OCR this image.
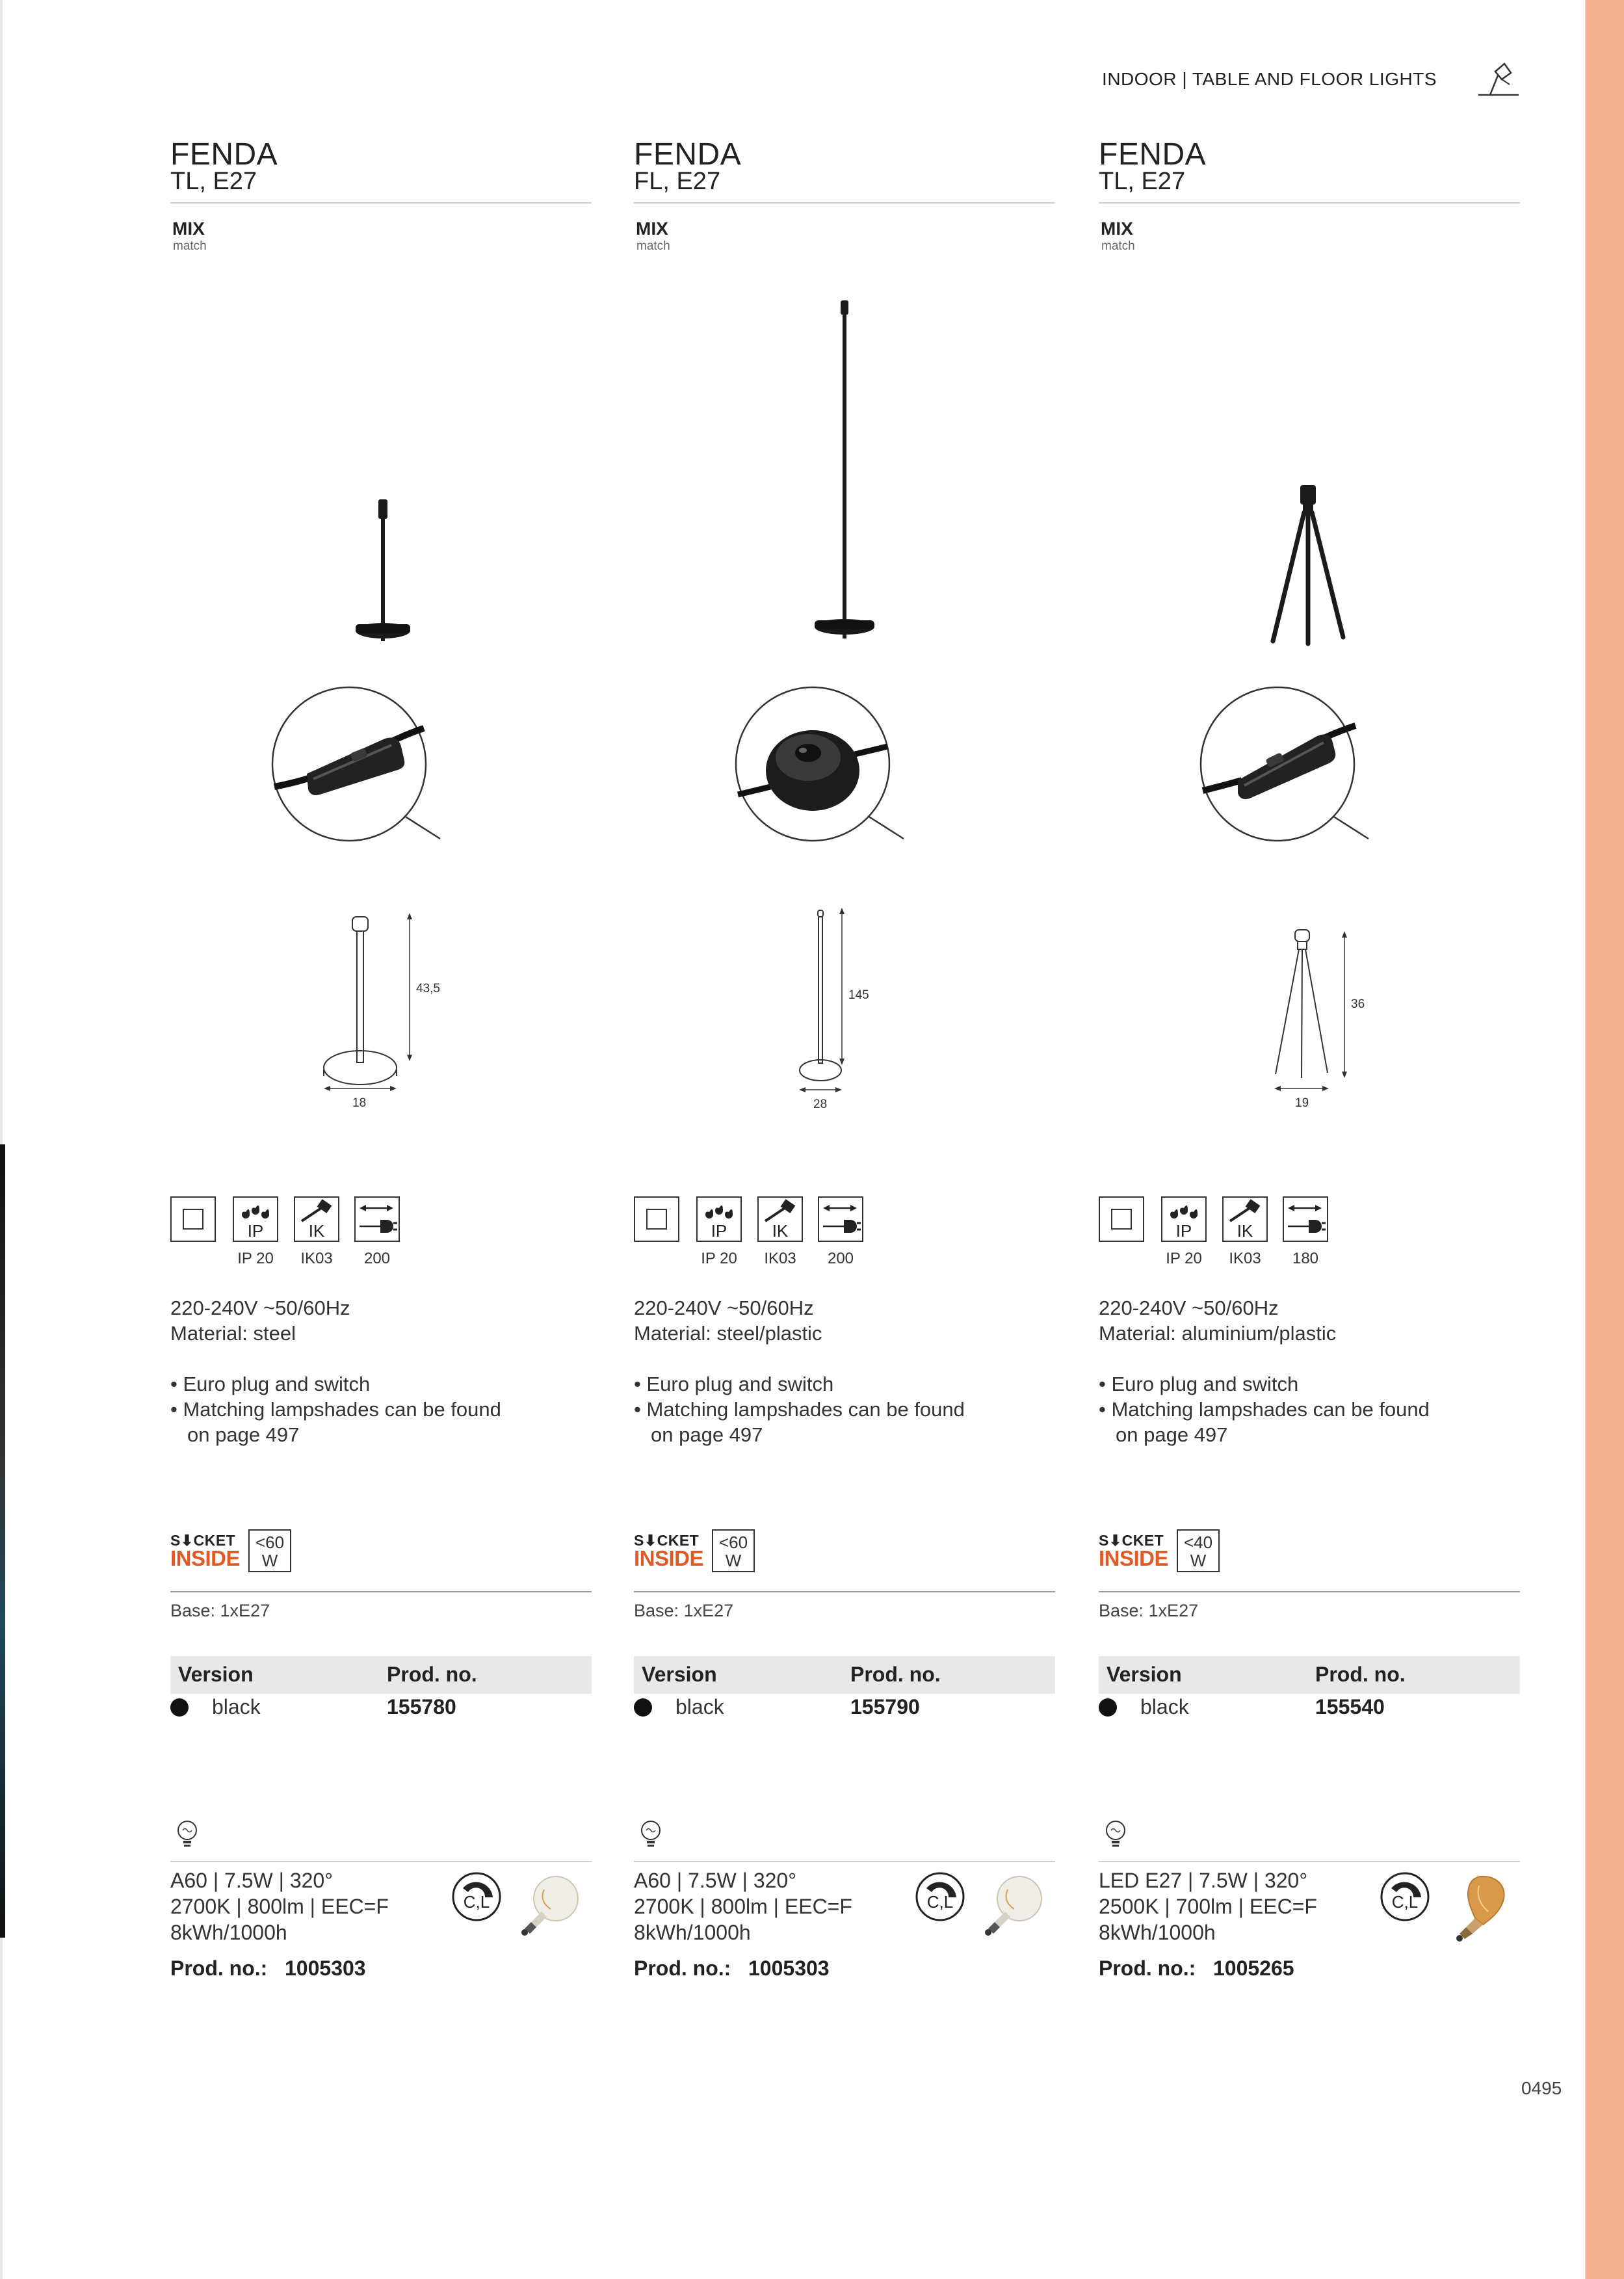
INDOOR | TABLE AND FLOOR LIGHTS
0495
FENDA
TL, E27
MIX
match
43,5
18
IP	IK
IP 20	IK03	200
220-240V ~50/60Hz
Material: steel
• Euro plug and switch
• Matching lampshades can be found
on page 497
S⬇CKET
INSIDE
<60
W
Base: 1xE27
Version	Prod. no.
black	155780
A60 | 7.5W | 320°
2700K | 800lm | EEC=F
8kWh/1000h
C,L
Prod. no.: 1005303
FENDA
FL, E27
MIX
match
145
28
IP	IK
IP 20	IK03	200
220-240V ~50/60Hz
Material: steel/plastic
• Euro plug and switch
• Matching lampshades can be found
on page 497
S⬇CKET
INSIDE
<60
W
Base: 1xE27
Version	Prod. no.
black	155790
A60 | 7.5W | 320°
2700K | 800lm | EEC=F
8kWh/1000h
C,L
Prod. no.: 1005303
FENDA
TL, E27
MIX
match
36
19
IP	IK
IP 20	IK03	180
220-240V ~50/60Hz
Material: aluminium/plastic
• Euro plug and switch
• Matching lampshades can be found
on page 497
S⬇CKET
INSIDE
<40
W
Base: 1xE27
Version	Prod. no.
black	155540
LED E27 | 7.5W | 320°
2500K | 700lm | EEC=F
8kWh/1000h
C,L
Prod. no.: 1005265
